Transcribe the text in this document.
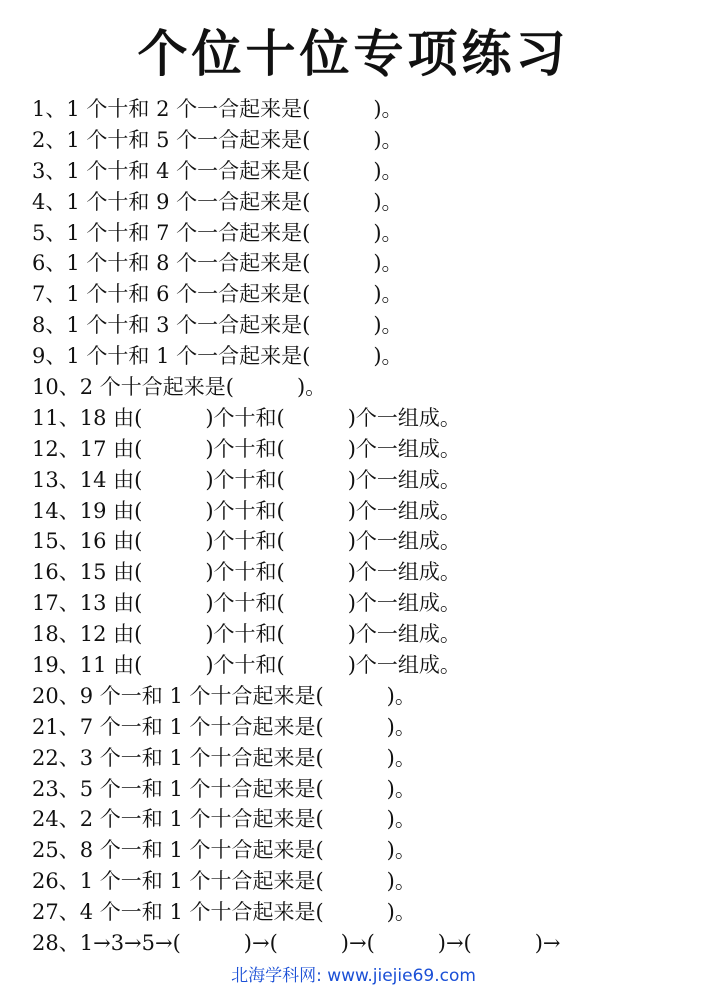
个位十位专项练习
1、1 个十和 2 个一合起来是(　　　)。
2、1 个十和 5 个一合起来是(　　　)。
3、1 个十和 4 个一合起来是(　　　)。
4、1 个十和 9 个一合起来是(　　　)。
5、1 个十和 7 个一合起来是(　　　)。
6、1 个十和 8 个一合起来是(　　　)。
7、1 个十和 6 个一合起来是(　　　)。
8、1 个十和 3 个一合起来是(　　　)。
9、1 个十和 1 个一合起来是(　　　)。
10、2 个十合起来是(　　　)。
11、18 由(　　　)个十和(　　　)个一组成。
12、17 由(　　　)个十和(　　　)个一组成。
13、14 由(　　　)个十和(　　　)个一组成。
14、19 由(　　　)个十和(　　　)个一组成。
15、16 由(　　　)个十和(　　　)个一组成。
16、15 由(　　　)个十和(　　　)个一组成。
17、13 由(　　　)个十和(　　　)个一组成。
18、12 由(　　　)个十和(　　　)个一组成。
19、11 由(　　　)个十和(　　　)个一组成。
20、9 个一和 1 个十合起来是(　　　)。
21、7 个一和 1 个十合起来是(　　　)。
22、3 个一和 1 个十合起来是(　　　)。
23、5 个一和 1 个十合起来是(　　　)。
24、2 个一和 1 个十合起来是(　　　)。
25、8 个一和 1 个十合起来是(　　　)。
26、1 个一和 1 个十合起来是(　　　)。
27、4 个一和 1 个十合起来是(　　　)。
28、1→3→5→(　　　)→(　　　)→(　　　)→(　　　)→
北海学科网: www.jiejie69.com
